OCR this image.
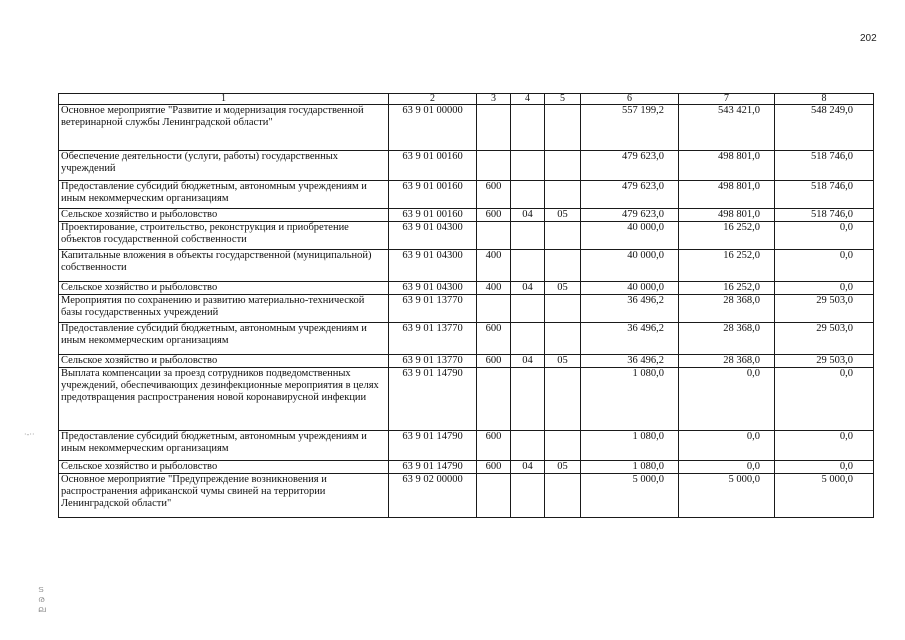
202
1	2	3	4	5	6	7	8
Основное мероприятие "Развитие и модернизация государственной ветеринарной службы Ленинградской области"	63 9 01 00000				557 199,2	543 421,0	548 249,0
Обеспечение деятельности (услуги, работы) государственных учреждений	63 9 01 00160				479 623,0	498 801,0	518 746,0
Предоставление субсидий бюджетным, автономным учреждениям и иным некоммерческим организациям	63 9 01 00160	600			479 623,0	498 801,0	518 746,0
Сельское хозяйство и рыболовство	63 9 01 00160	600	04	05	479 623,0	498 801,0	518 746,0
Проектирование, строительство, реконструкция и приобретение объектов государственной собственности	63 9 01 04300				40 000,0	16 252,0	0,0
Капитальные вложения в объекты государственной (муниципальной) собственности	63 9 01 04300	400			40 000,0	16 252,0	0,0
Сельское хозяйство и рыболовство	63 9 01 04300	400	04	05	40 000,0	16 252,0	0,0
Мероприятия по сохранению и развитию материально-технической базы государственных учреждений	63 9 01 13770				36 496,2	28 368,0	29 503,0
Предоставление субсидий бюджетным, автономным учреждениям и иным некоммерческим организациям	63 9 01 13770	600			36 496,2	28 368,0	29 503,0
Сельское хозяйство и рыболовство	63 9 01 13770	600	04	05	36 496,2	28 368,0	29 503,0
Выплата компенсации за проезд сотрудников подведомственных учреждений, обеспечивающих дезинфекционные мероприятия в целях предотвращения распространения новой коронавирусной инфекции	63 9 01 14790				1 080,0	0,0	0,0
Предоставление субсидий бюджетным, автономным учреждениям и иным некоммерческим организациям	63 9 01 14790	600			1 080,0	0,0	0,0
Сельское хозяйство и рыболовство	63 9 01 14790	600	04	05	1 080,0	0,0	0,0
Основное мероприятие "Предупреждение возникновения и распространения африканской чумы свиней на территории Ленинградской области"	63 9 02 00000				5 000,0	5 000,0	5 000,0
·-··
ട
ര
ല
